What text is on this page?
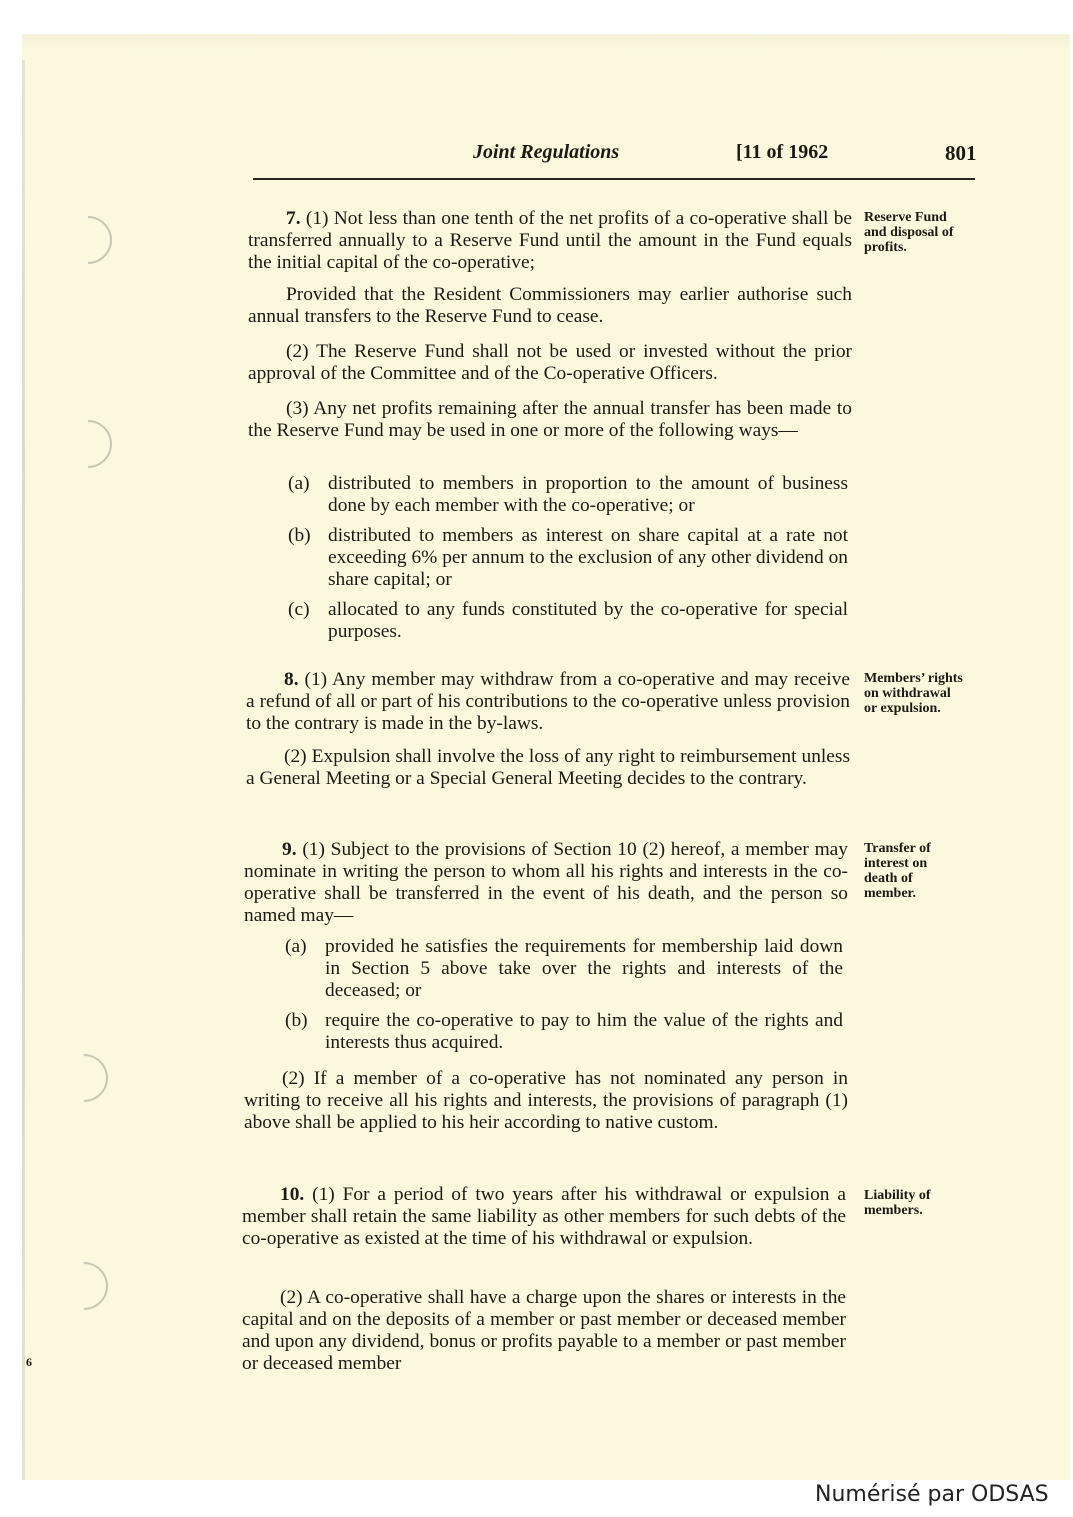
6
Joint Regulations	[11 of 1962	801
7. (1) Not less than one tenth of the net profits of a co-operative shall be transferred annually to a Reserve Fund until the amount in the Fund equals the initial capital of the co-operative;
Reserve Fund and disposal of profits.
Provided that the Resident Commissioners may earlier authorise such annual transfers to the Reserve Fund to cease.
(2) The Reserve Fund shall not be used or invested without the prior approval of the Committee and of the Co-operative Officers.
(3) Any net profits remaining after the annual transfer has been made to the Reserve Fund may be used in one or more of the following ways—
(a) distributed to members in proportion to the amount of business done by each member with the co-operative; or
(b) distributed to members as interest on share capital at a rate not exceeding 6% per annum to the exclusion of any other dividend on share capital; or
(c) allocated to any funds constituted by the co-operative for special purposes.
8. (1) Any member may withdraw from a co-operative and may receive a refund of all or part of his contributions to the co-operative unless provision to the contrary is made in the by-laws.
Members’ rights on withdrawal or expulsion.
(2) Expulsion shall involve the loss of any right to reimbursement unless a General Meeting or a Special General Meeting decides to the contrary.
9. (1) Subject to the provisions of Section 10 (2) hereof, a member may nominate in writing the person to whom all his rights and interests in the co-operative shall be transferred in the event of his death, and the person so named may—
Transfer of interest on death of member.
(a) provided he satisfies the requirements for membership laid down in Section 5 above take over the rights and interests of the deceased; or
(b) require the co-operative to pay to him the value of the rights and interests thus acquired.
(2) If a member of a co-operative has not nominated any person in writing to receive all his rights and interests, the provisions of paragraph (1) above shall be applied to his heir according to native custom.
10. (1) For a period of two years after his withdrawal or expulsion a member shall retain the same liability as other members for such debts of the co-operative as existed at the time of his withdrawal or expulsion.
Liability of members.
(2) A co-operative shall have a charge upon the shares or interests in the capital and on the deposits of a member or past member or deceased member and upon any dividend, bonus or profits payable to a member or past member or deceased member
Numérisé par ODSAS
